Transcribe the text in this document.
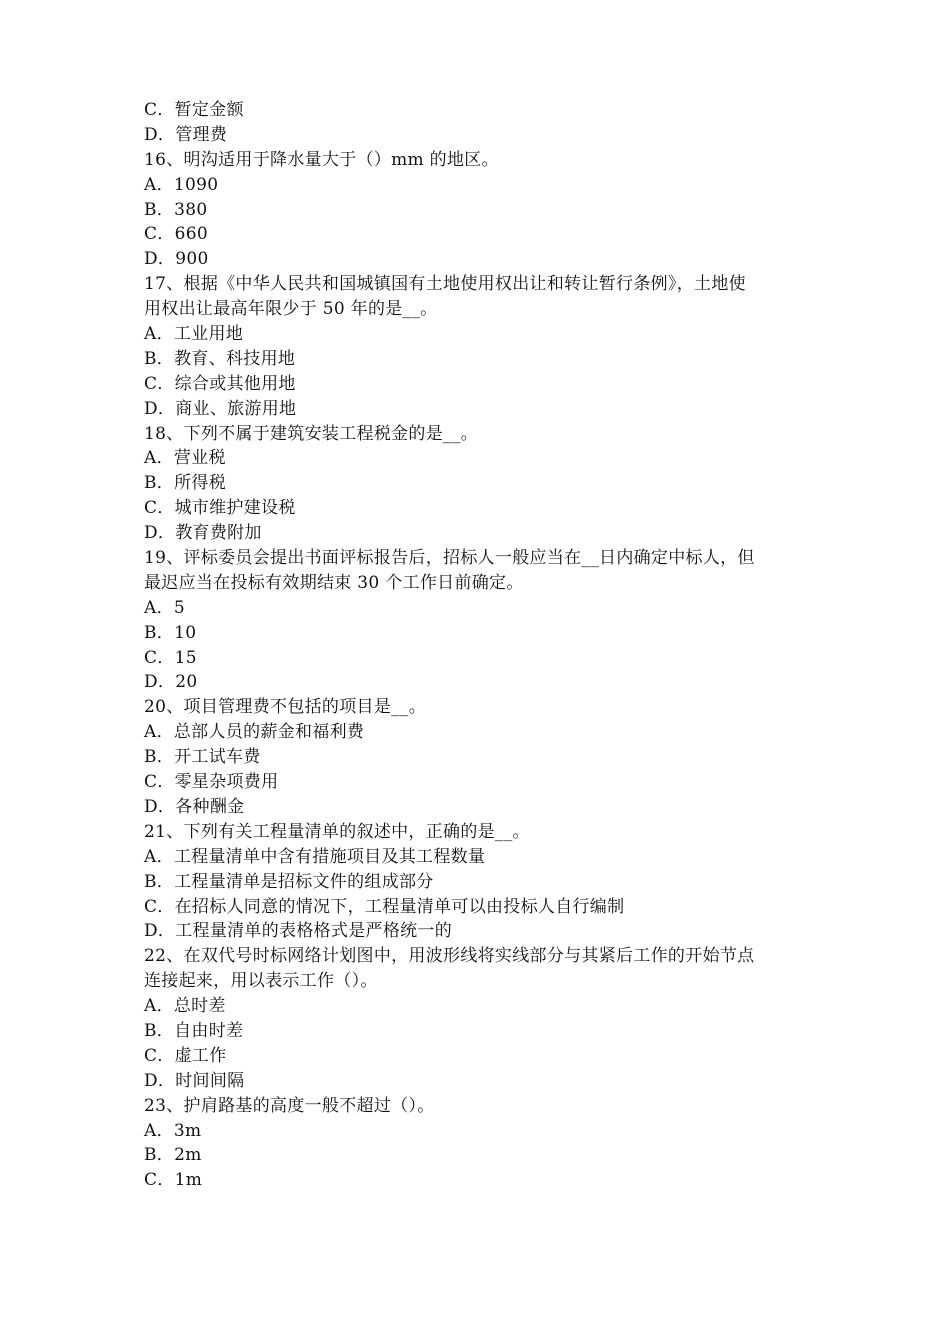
C．暂定金额
D．管理费
16、明沟适用于降水量大于（）mm 的地区。
A．1090
B．380
C．660
D．900
17、根据《中华人民共和国城镇国有土地使用权出让和转让暂行条例》，土地使
用权出让最高年限少于 50 年的是__。
A．工业用地
B．教育、科技用地
C．综合或其他用地
D．商业、旅游用地
18、下列不属于建筑安装工程税金的是__。
A．营业税
B．所得税
C．城市维护建设税
D．教育费附加
19、评标委员会提出书面评标报告后，招标人一般应当在__日内确定中标人，但
最迟应当在投标有效期结束 30 个工作日前确定。
A．5
B．10
C．15
D．20
20、项目管理费不包括的项目是__。
A．总部人员的薪金和福利费
B．开工试车费
C．零星杂项费用
D．各种酬金
21、下列有关工程量清单的叙述中，正确的是__。
A．工程量清单中含有措施项目及其工程数量
B．工程量清单是招标文件的组成部分
C．在招标人同意的情况下，工程量清单可以由投标人自行编制
D．工程量清单的表格格式是严格统一的
22、在双代号时标网络计划图中，用波形线将实线部分与其紧后工作的开始节点
连接起来，用以表示工作（）。
A．总时差
B．自由时差
C．虚工作
D．时间间隔
23、护肩路基的高度一般不超过（）。
A．3m
B．2m
C．1m
